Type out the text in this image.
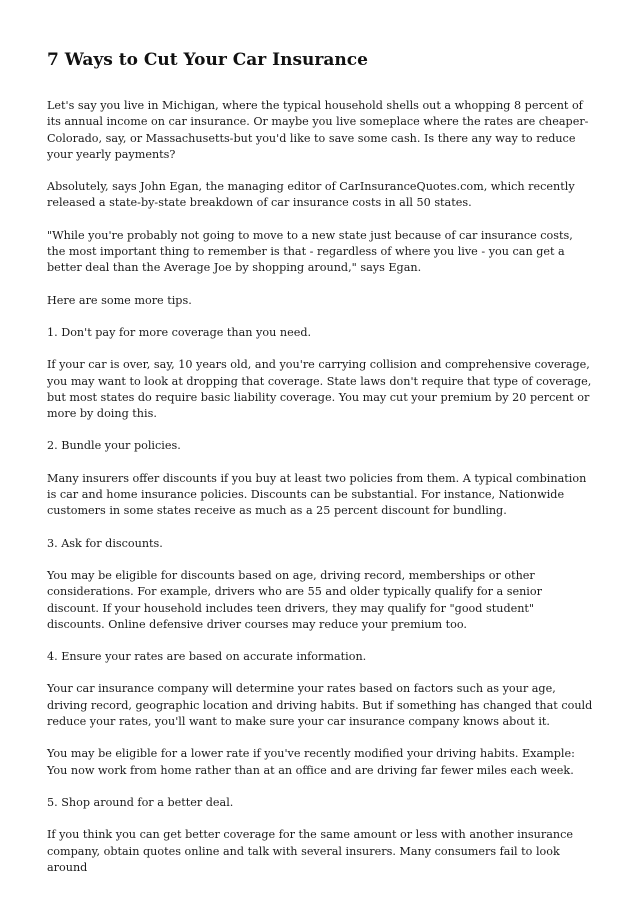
7 Ways to Cut Your Car Insurance

Let's say you live in Michigan, where the typical household shells out a whopping 8 percent of its annual income on car insurance. Or maybe you live someplace where the rates are cheaper-Colorado, say, or Massachusetts-but you'd like to save some cash. Is there any way to reduce your yearly payments?

Absolutely, says John Egan, the managing editor of CarInsuranceQuotes.com, which recently released a state-by-state breakdown of car insurance costs in all 50 states.

"While you're probably not going to move to a new state just because of car insurance costs, the most important thing to remember is that - regardless of where you live - you can get a better deal than the Average Joe by shopping around," says Egan.

Here are some more tips.

1. Don't pay for more coverage than you need.

If your car is over, say, 10 years old, and you're carrying collision and comprehensive coverage, you may want to look at dropping that coverage. State laws don't require that type of coverage, but most states do require basic liability coverage. You may cut your premium by 20 percent or more by doing this.

2. Bundle your policies.

Many insurers offer discounts if you buy at least two policies from them. A typical combination is car and home insurance policies. Discounts can be substantial. For instance, Nationwide customers in some states receive as much as a 25 percent discount for bundling.

3. Ask for discounts.

You may be eligible for discounts based on age, driving record, memberships or other considerations. For example, drivers who are 55 and older typically qualify for a senior discount. If your household includes teen drivers, they may qualify for "good student" discounts. Online defensive driver courses may reduce your premium too.

4. Ensure your rates are based on accurate information.

Your car insurance company will determine your rates based on factors such as your age, driving record, geographic location and driving habits. But if something has changed that could reduce your rates, you'll want to make sure your car insurance company knows about it.

You may be eligible for a lower rate if you've recently modified your driving habits. Example: You now work from home rather than at an office and are driving far fewer miles each week.

5. Shop around for a better deal.

If you think you can get better coverage for the same amount or less with another insurance company, obtain quotes online and talk with several insurers. Many consumers fail to look around
